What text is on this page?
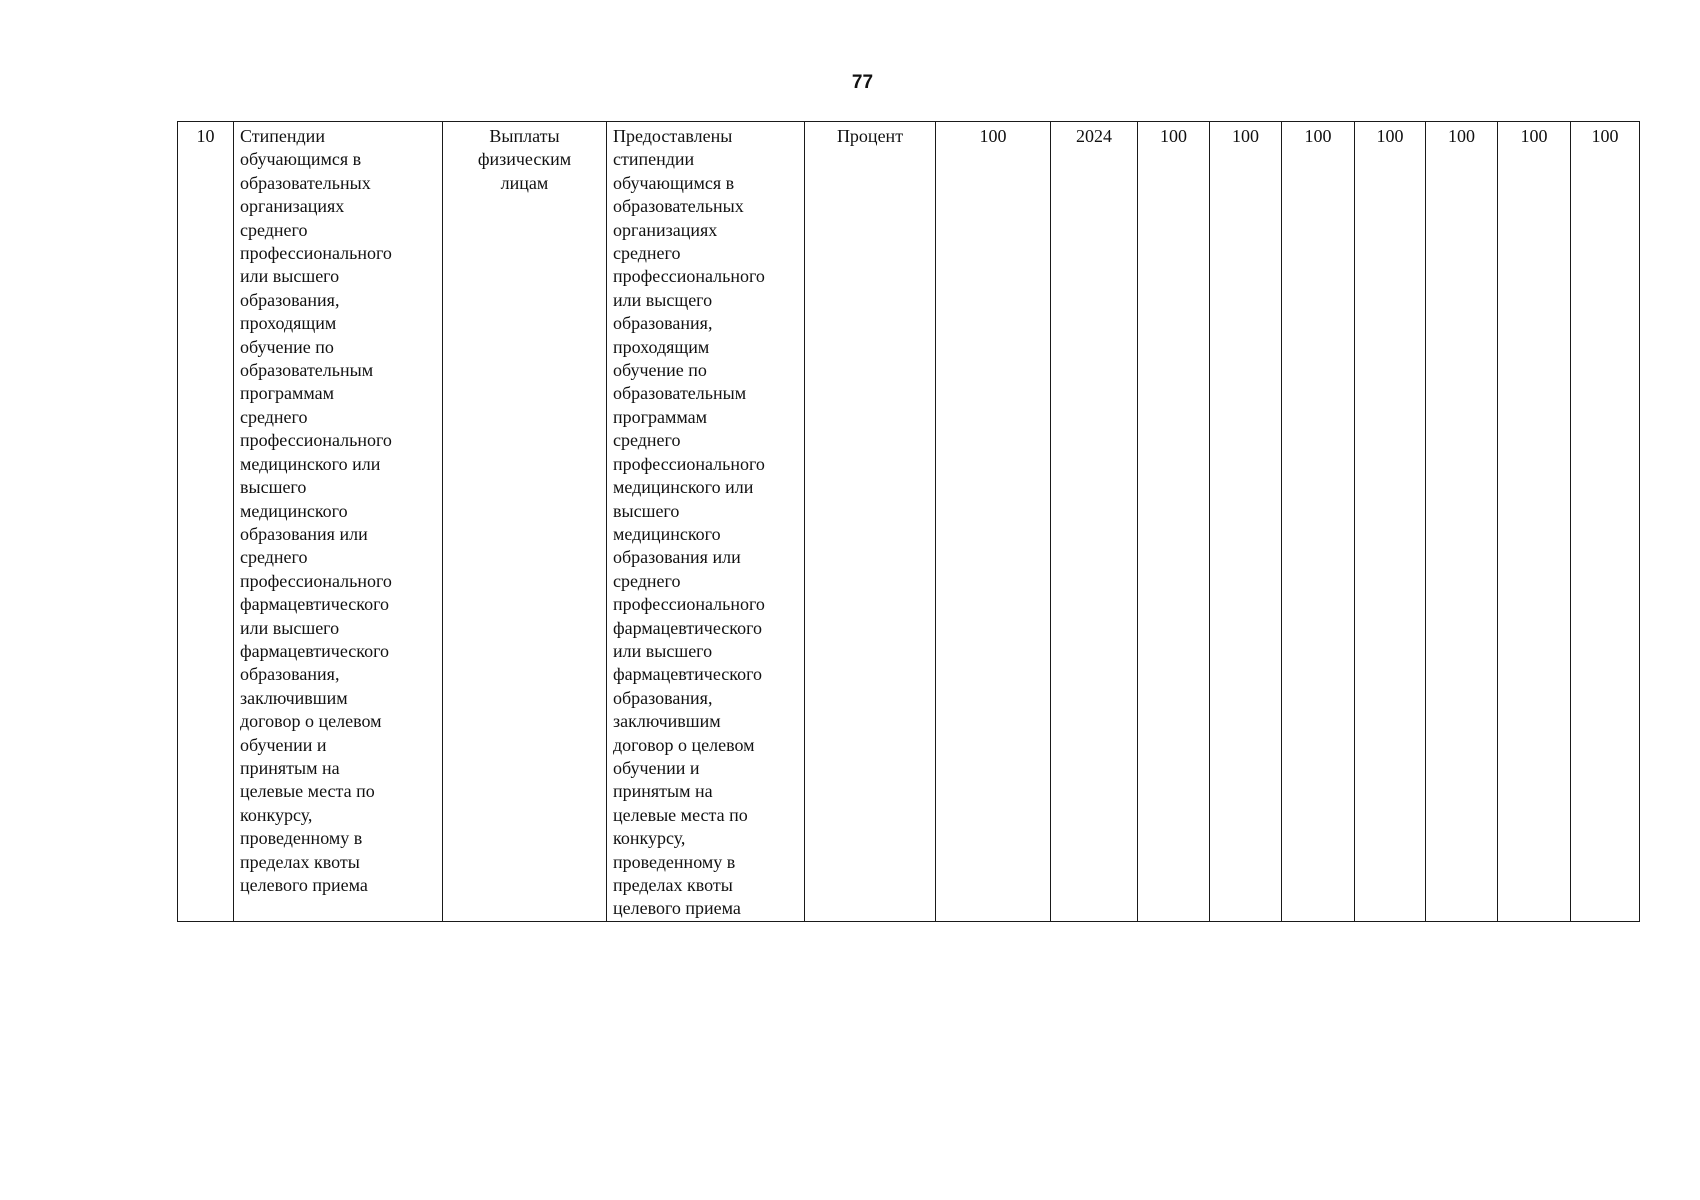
77
10	Стипендии
обучающимся в
образовательных
организациях
среднего
профессионального
или высшего
образования,
проходящим
обучение по
образовательным
программам
среднего
профессионального
медицинского или
высшего
медицинского
образования или
среднего
профессионального
фармацевтического
или высшего
фармацевтического
образования,
заключившим
договор о целевом
обучении и
принятым на
целевые места по
конкурсу,
проведенному в
пределах квоты
целевого приема	Выплаты
физическим
лицам	Предоставлены
стипендии
обучающимся в
образовательных
организациях
среднего
профессионального
или высщего
образования,
проходящим
обучение по
образовательным
программам
среднего
профессионального
медицинского или
высшего
медицинского
образования или
среднего
профессионального
фармацевтического
или высшего
фармацевтического
образования,
заключившим
договор о целевом
обучении и
принятым на
целевые места по
конкурсу,
проведенному в
пределах квоты
целевого приема	Процент	100	2024	100	100	100	100	100	100	100
